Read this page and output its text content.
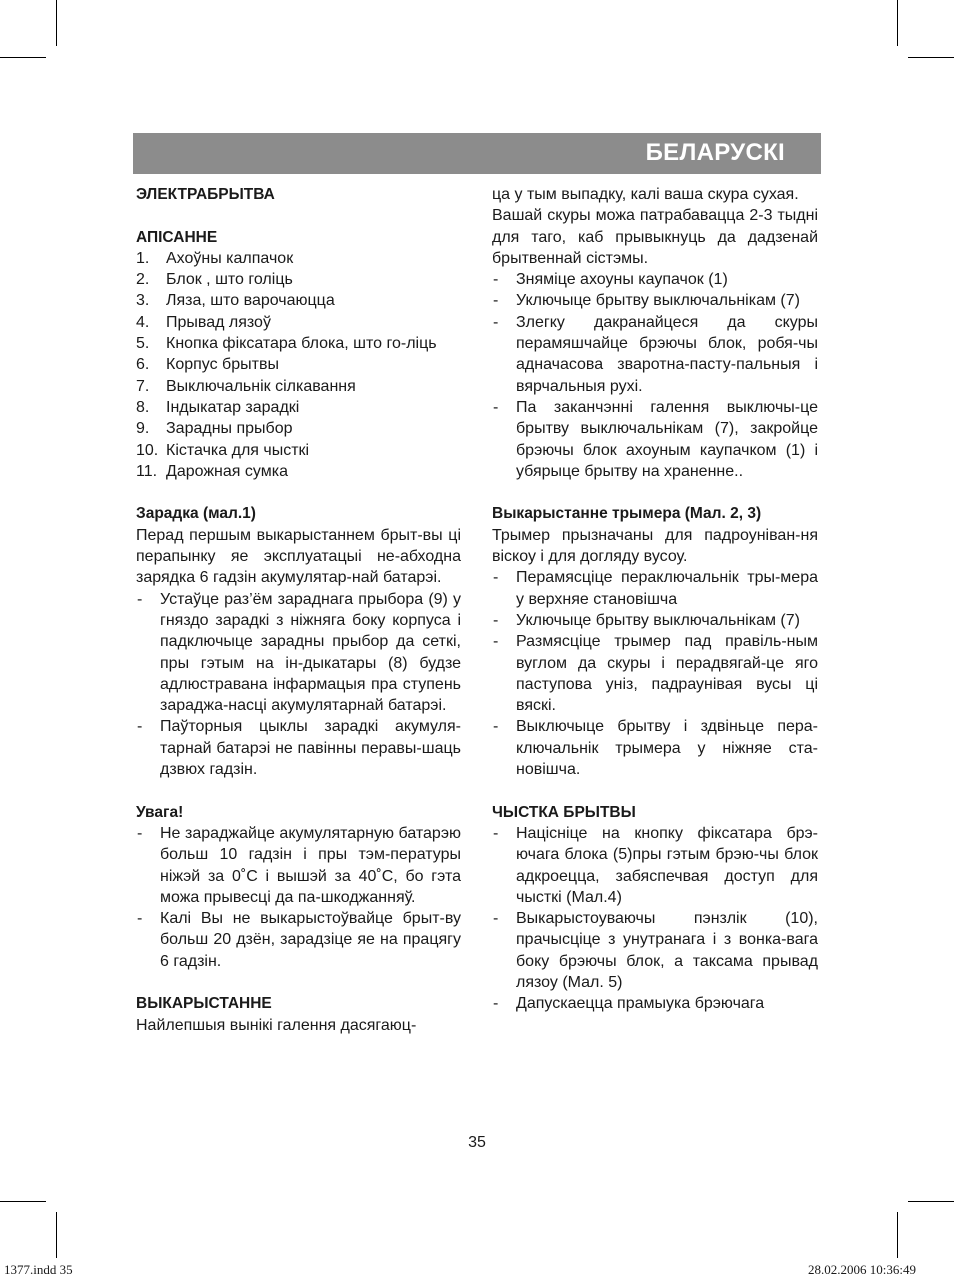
БЕЛАРУСКІ
ЭЛЕКТРАБРЫТВА
АПІСАННЕ
1.	Ахоўны калпачок
2.	Блок , што голіць
3.	Ляза, што варочаюцца
4.	Прывад лязоў
5.	Кнопка фіксатара блока, што го-ліць
6.	Корпус брытвы
7.	Выключальнік сілкавання
8.	Індыкатар зарадкі
9.	Зарадны прыбор
10. Кістачка для чысткі
11. Дарожная сумка
Зарадка (мал.1)
Перад першым выкарыстаннем брыт-вы ці перапынку яе эксплуатацыі не-абходна зарядка 6 гадзін акумулятар-най батарэі.
-	Устаўце раз’ём зараднага прыбора (9) у гняздо зарадкі з ніжняга боку корпуса і падключыце зарадны прыбор да сеткі, пры гэтым на ін-дыкатары (8) будзе адлюстравана інфармацыя пра ступень зараджа-насці акумулятарнай батарэі.
-	Паўторныя цыклы зарадкі акумуля-тарнай батарэі не павінны перавы-шаць дзвюх гадзін.
Увага!
-	Не зараджайце акумулятарную батарэю больш 10 гадзін і пры тэм-пературы ніжэй за 0˚С і вышэй за 40˚С, бо гэта можа прывесці да па-шкоджанняў.
-	Калі Вы не выкарыстоўвайце брыт-ву больш 20 дзён, зарадзіце яе на працягу 6 гадзін.
ВЫКАРЫСТАННЕ
Найлепшыя вынікі галення дасягаюц-
ца у тым выпадку, калі ваша скура сухая.
Вашай скуры можа патрабавацца 2-3 тыдні для таго, каб прывыкнуць да дадзенай брытвеннай сістэмы.
-	Зняміце ахоуны каупачок (1)
-	Уключыце брытву выключальнікам (7)
-	Злегку дакранайцеся да скуры перамяшчайце брэючы блок, робя-чы адначасова зваротна-пасту-пальныя і вярчальныя рухі.
-	Па заканчэнні галення выключы-це брытву выключальнікам (7), закройце брэючы блок ахоуным каупачком (1) і убярыце брытву на храненне..
Выкарыстанне трымера (Мал. 2, 3)
Трымер прызначаны для падроуніван-ня віскоу і для догляду вусоу.
-	Перамясціце пераключальнік тры-мера у верхняе становішча
-	Уключыце брытву выключальнікам (7)
-	Размясціце трымер пад правіль-ным вуглом да скуры і перадвягай-це яго паступова уніз, падраунівая вусы ці вяскі.
-	Выключыце брытву і здвіньце пера-ключальнік трымера у ніжняе ста-новішча.
ЧЫСТКА БРЫТВЫ
-	Націсніце на кнопку фіксатара брэ-ючага блока (5)пры гэтым брэю-чы блок адкроецца, забяспечвая доступ для чысткі (Мал.4)
-	Выкарыстоуваючы пэнзлік (10), прачысціце з унутранага і з вонка-вага боку брэючы блок, а таксама прывад лязоу (Мал. 5)
-	Дапускаецца прамыука брэючага
35
1377.indd 35	28.02.2006 10:36:49
